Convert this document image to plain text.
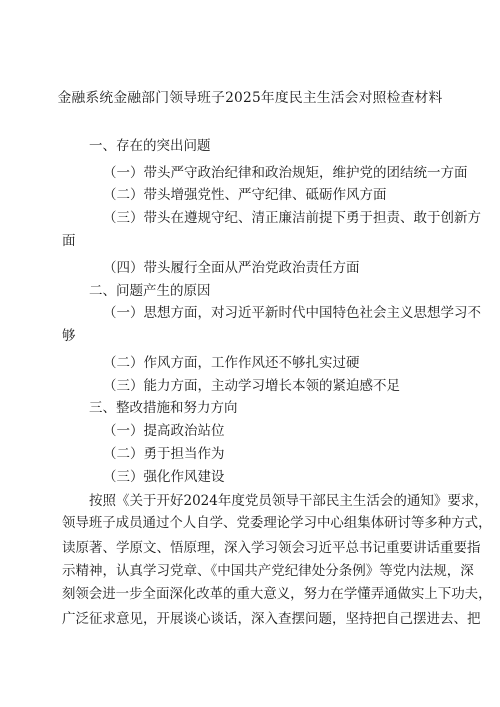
金融系统金融部门领导班子2025年度民主生活会对照检查材料
一、存在的突出问题
（一）带头严守政治纪律和政治规矩，维护党的团结统一方面
（二）带头增强党性、严守纪律、砥砺作风方面
（三）带头在遵规守纪、清正廉洁前提下勇于担责、敢于创新方
面
（四）带头履行全面从严治党政治责任方面
二、问题产生的原因
（一）思想方面，对习近平新时代中国特色社会主义思想学习不
够
（二）作风方面，工作作风还不够扎实过硬
（三）能力方面，主动学习增长本领的紧迫感不足
三、整改措施和努力方向
（一）提高政治站位
（二）勇于担当作为
（三）强化作风建设
按照《关于开好2024年度党员领导干部民主生活会的通知》要求，
领导班子成员通过个人自学、党委理论学习中心组集体研讨等多种方式，
读原著、学原文、悟原理，深入学习领会习近平总书记重要讲话重要指
示精神，认真学习党章、《中国共产党纪律处分条例》等党内法规，深
刻领会进一步全面深化改革的重大意义，努力在学懂弄通做实上下功夫，
广泛征求意见，开展谈心谈话，深入查摆问题，坚持把自己摆进去、把
